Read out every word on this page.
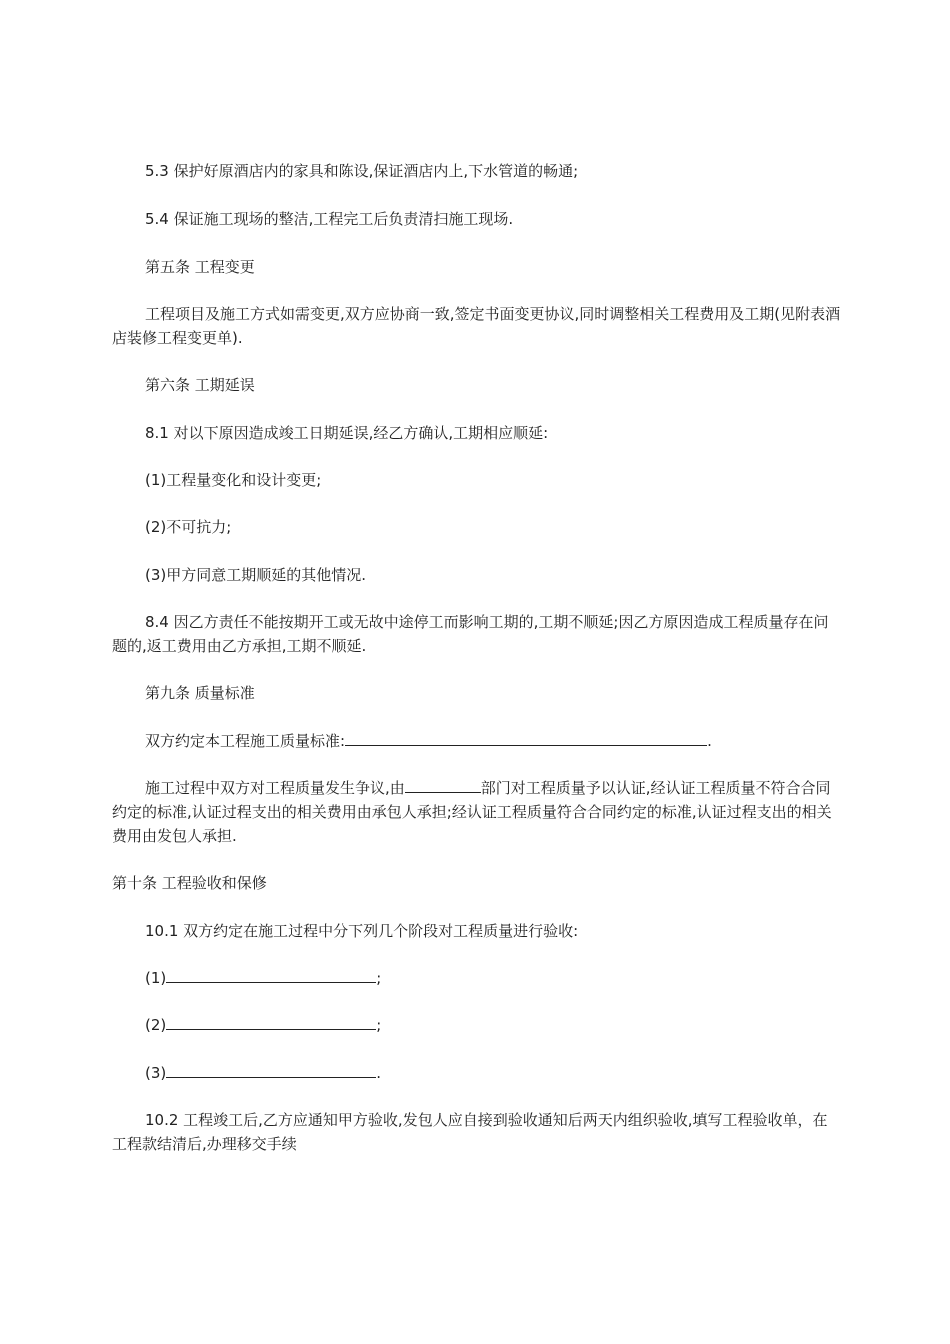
5.3 保护好原酒店内的家具和陈设,保证酒店内上,下水管道的畅通;

5.4 保证施工现场的整洁,工程完工后负责清扫施工现场.

第五条 工程变更

工程项目及施工方式如需变更,双方应协商一致,签定书面变更协议,同时调整相关工程费用及工期(见附表酒店装修工程变更单).

第六条 工期延误

8.1 对以下原因造成竣工日期延误,经乙方确认,工期相应顺延:

(1)工程量变化和设计变更;

(2)不可抗力;

(3)甲方同意工期顺延的其他情况.

8.4 因乙方责任不能按期开工或无故中途停工而影响工期的,工期不顺延;因乙方原因造成工程质量存在问题的,返工费用由乙方承担,工期不顺延.

第九条 质量标准

双方约定本工程施工质量标准:	.

施工过程中双方对工程质量发生争议,由	部门对工程质量予以认证,经认证工程质量不符合合同约定的标准,认证过程支出的相关费用由承包人承担;经认证工程质量符合合同约定的标准,认证过程支出的相关费用由发包人承担.

第十条 工程验收和保修

10.1 双方约定在施工过程中分下列几个阶段对工程质量进行验收:

(1)	;

(2)	;

(3)	.

10.2 工程竣工后,乙方应通知甲方验收,发包人应自接到验收通知后两天内组织验收,填写工程验收单，在工程款结清后,办理移交手续
